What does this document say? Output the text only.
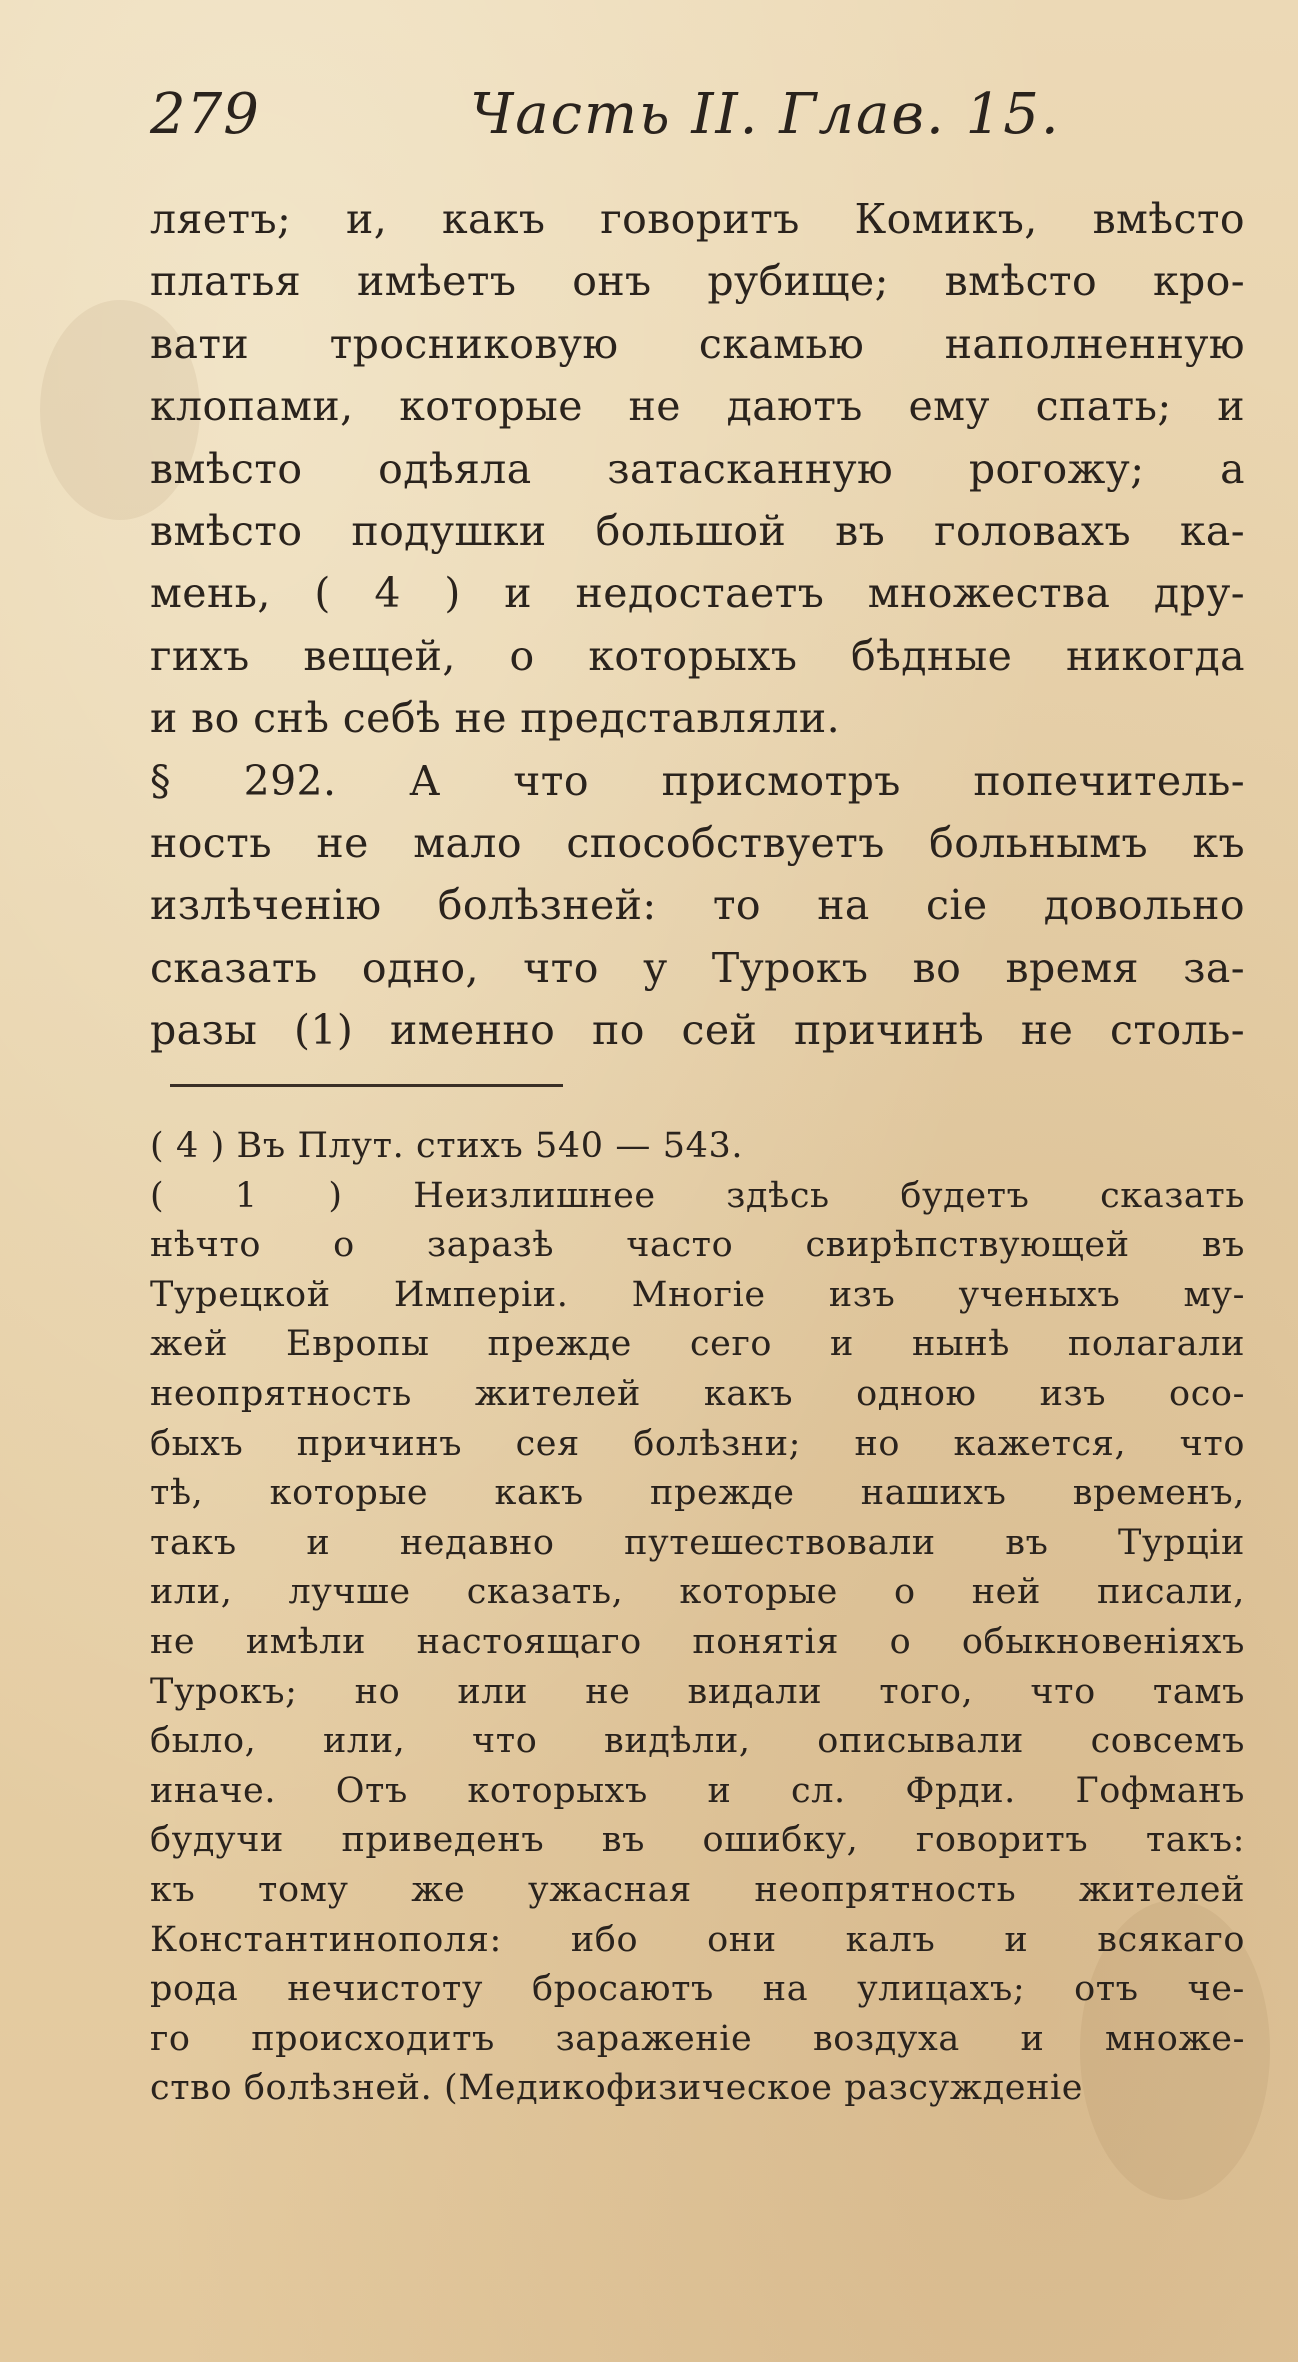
279	Часть II. Глав. 15.
ляетъ; и, какъ говоритъ Комикъ, вмѣсто
платья имѣетъ онъ рубище; вмѣсто кро-
вати тросниковую скамью наполненную
клопами, которые не даютъ ему спать; и
вмѣсто одѣяла затасканную рогожу; а
вмѣсто подушки большой въ головахъ ка-
мень, ( 4 ) и недостаетъ множества дру-
гихъ вещей, о которыхъ бѣдные никогда
и во снѣ себѣ не представляли.
§ 292. А что присмотръ попечитель-
ность не мало способствуетъ больнымъ къ
излѣченію болѣзней: то на сіе довольно
сказать одно, что у Турокъ во время за-
разы (1) именно по сей причинѣ не столь-
( 4 ) Въ Плут. стихъ 540 — 543.
( 1 ) Неизлишнее здѣсь будетъ сказать
нѣчто о заразѣ часто свирѣпствующей въ
Турецкой Имперіи. Многіе изъ ученыхъ му-
жей Европы прежде сего и нынѣ полагали
неопрятность жителей какъ одною изъ осо-
быхъ причинъ сея болѣзни; но кажется, что
тѣ, которые какъ прежде нашихъ временъ,
такъ и недавно путешествовали въ Турціи
или, лучше сказать, которые о ней писали,
не имѣли настоящаго понятія о обыкновеніяхъ
Турокъ; но или не видали того, что тамъ
было, или, что видѣли, описывали совсемъ
иначе. Отъ которыхъ и сл. Фрди. Гофманъ
будучи приведенъ въ ошибку, говоритъ такъ:
къ тому же ужасная неопрятность жителей
Константинополя: ибо они калъ и всякаго
рода нечистоту бросаютъ на улицахъ; отъ че-
го происходитъ зараженіе воздуха и множе-
ство болѣзней. (Медикофизическое разсужденіе
